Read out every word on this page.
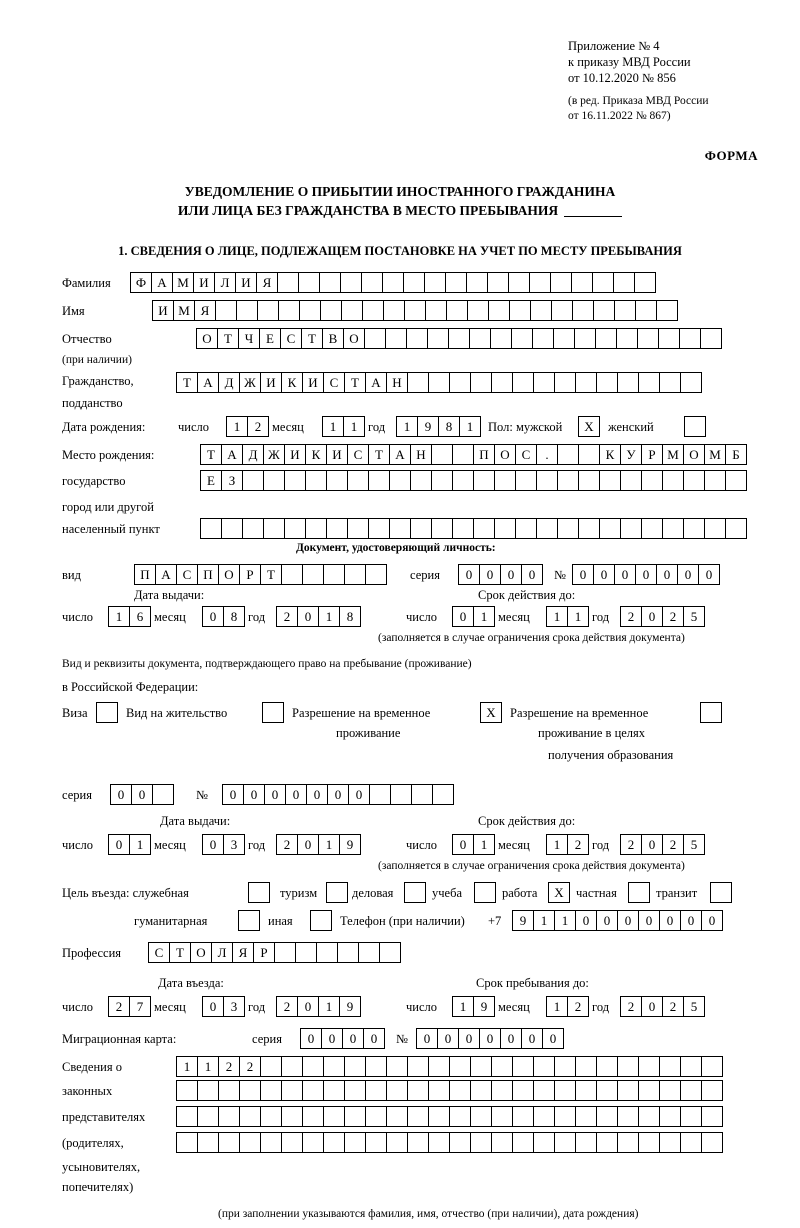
Приложение № 4
к приказу МВД России
от 10.12.2020 № 856
(в ред. Приказа МВД России
от 16.11.2022 № 867)
ФОРМА
УВЕДОМЛЕНИЕ О ПРИБЫТИИ ИНОСТРАННОГО ГРАЖДАНИНА
ИЛИ ЛИЦА БЕЗ ГРАЖДАНСТВА В МЕСТО ПРЕБЫВАНИЯ
1. СВЕДЕНИЯ О ЛИЦЕ, ПОДЛЕЖАЩЕМ ПОСТАНОВКЕ НА УЧЕТ ПО МЕСТУ ПРЕБЫВАНИЯ
Фамилия	Ф А М И Л И Я
Имя	И М Я
Отчество	О Т Ч Е С Т В О
(при наличии)
Гражданство,	Т А Д Ж И К И С Т А Н
подданство
Дата рождения:	число	1	2 месяц	1	1 год	1	9	8	1	Пол: мужской	X	женский
Место рождения:	Т А Д Ж И К И С Т А Н	П О С	.	К У Р М О М Б
государство	Е	З
город или другой
населенный пункт
Документ, удостоверяющий личность:
вид	П А С П О Р	Т	серия	0	0	0	0	№	0	0	0	0	0	0	0
Дата выдачи:	Срок действия до:
число	1	6 месяц	0	8 год	2	0	1	8	число	0	1 месяц	1	1 год	2	0	2	5
(заполняется в случае ограничения срока действия документа)
Вид и реквизиты документа, подтверждающего право на пребывание (проживание)
в Российской Федерации:
Виза	Вид на жительство	Разрешение на временное	X	Разрешение на временное
проживание	проживание в целях
получения образования
серия	0	0	№	0	0	0	0	0	0	0
Дата выдачи:	Срок действия до:
число	0	1 месяц	0	3 год	2	0	1	9	число	0	1 месяц	1	2 год	2	0	2	5
(заполняется в случае ограничения срока действия документа)
Цель въезда: служебная	туризм	деловая	учеба	работа	X частная	транзит
гуманитарная	иная	Телефон (при наличии) +7	9	1	1	0	0	0	0	0	0	0
Профессия	С Т О Л Я	Р
Дата въезда:	Срок пребывания до:
число	2	7 месяц	0	3 год	2	0	1	9	число	1	9 месяц	1	2 год	2	0	2	5
Миграционная карта:	серия	0	0	0	0	№	0	0	0	0	0	0	0
Сведения о	1	1	2	2
законных
представителях
(родителях,
усыновителях,
попечителях)
(при заполнении указываются фамилия, имя, отчество (при наличии), дата рождения)
